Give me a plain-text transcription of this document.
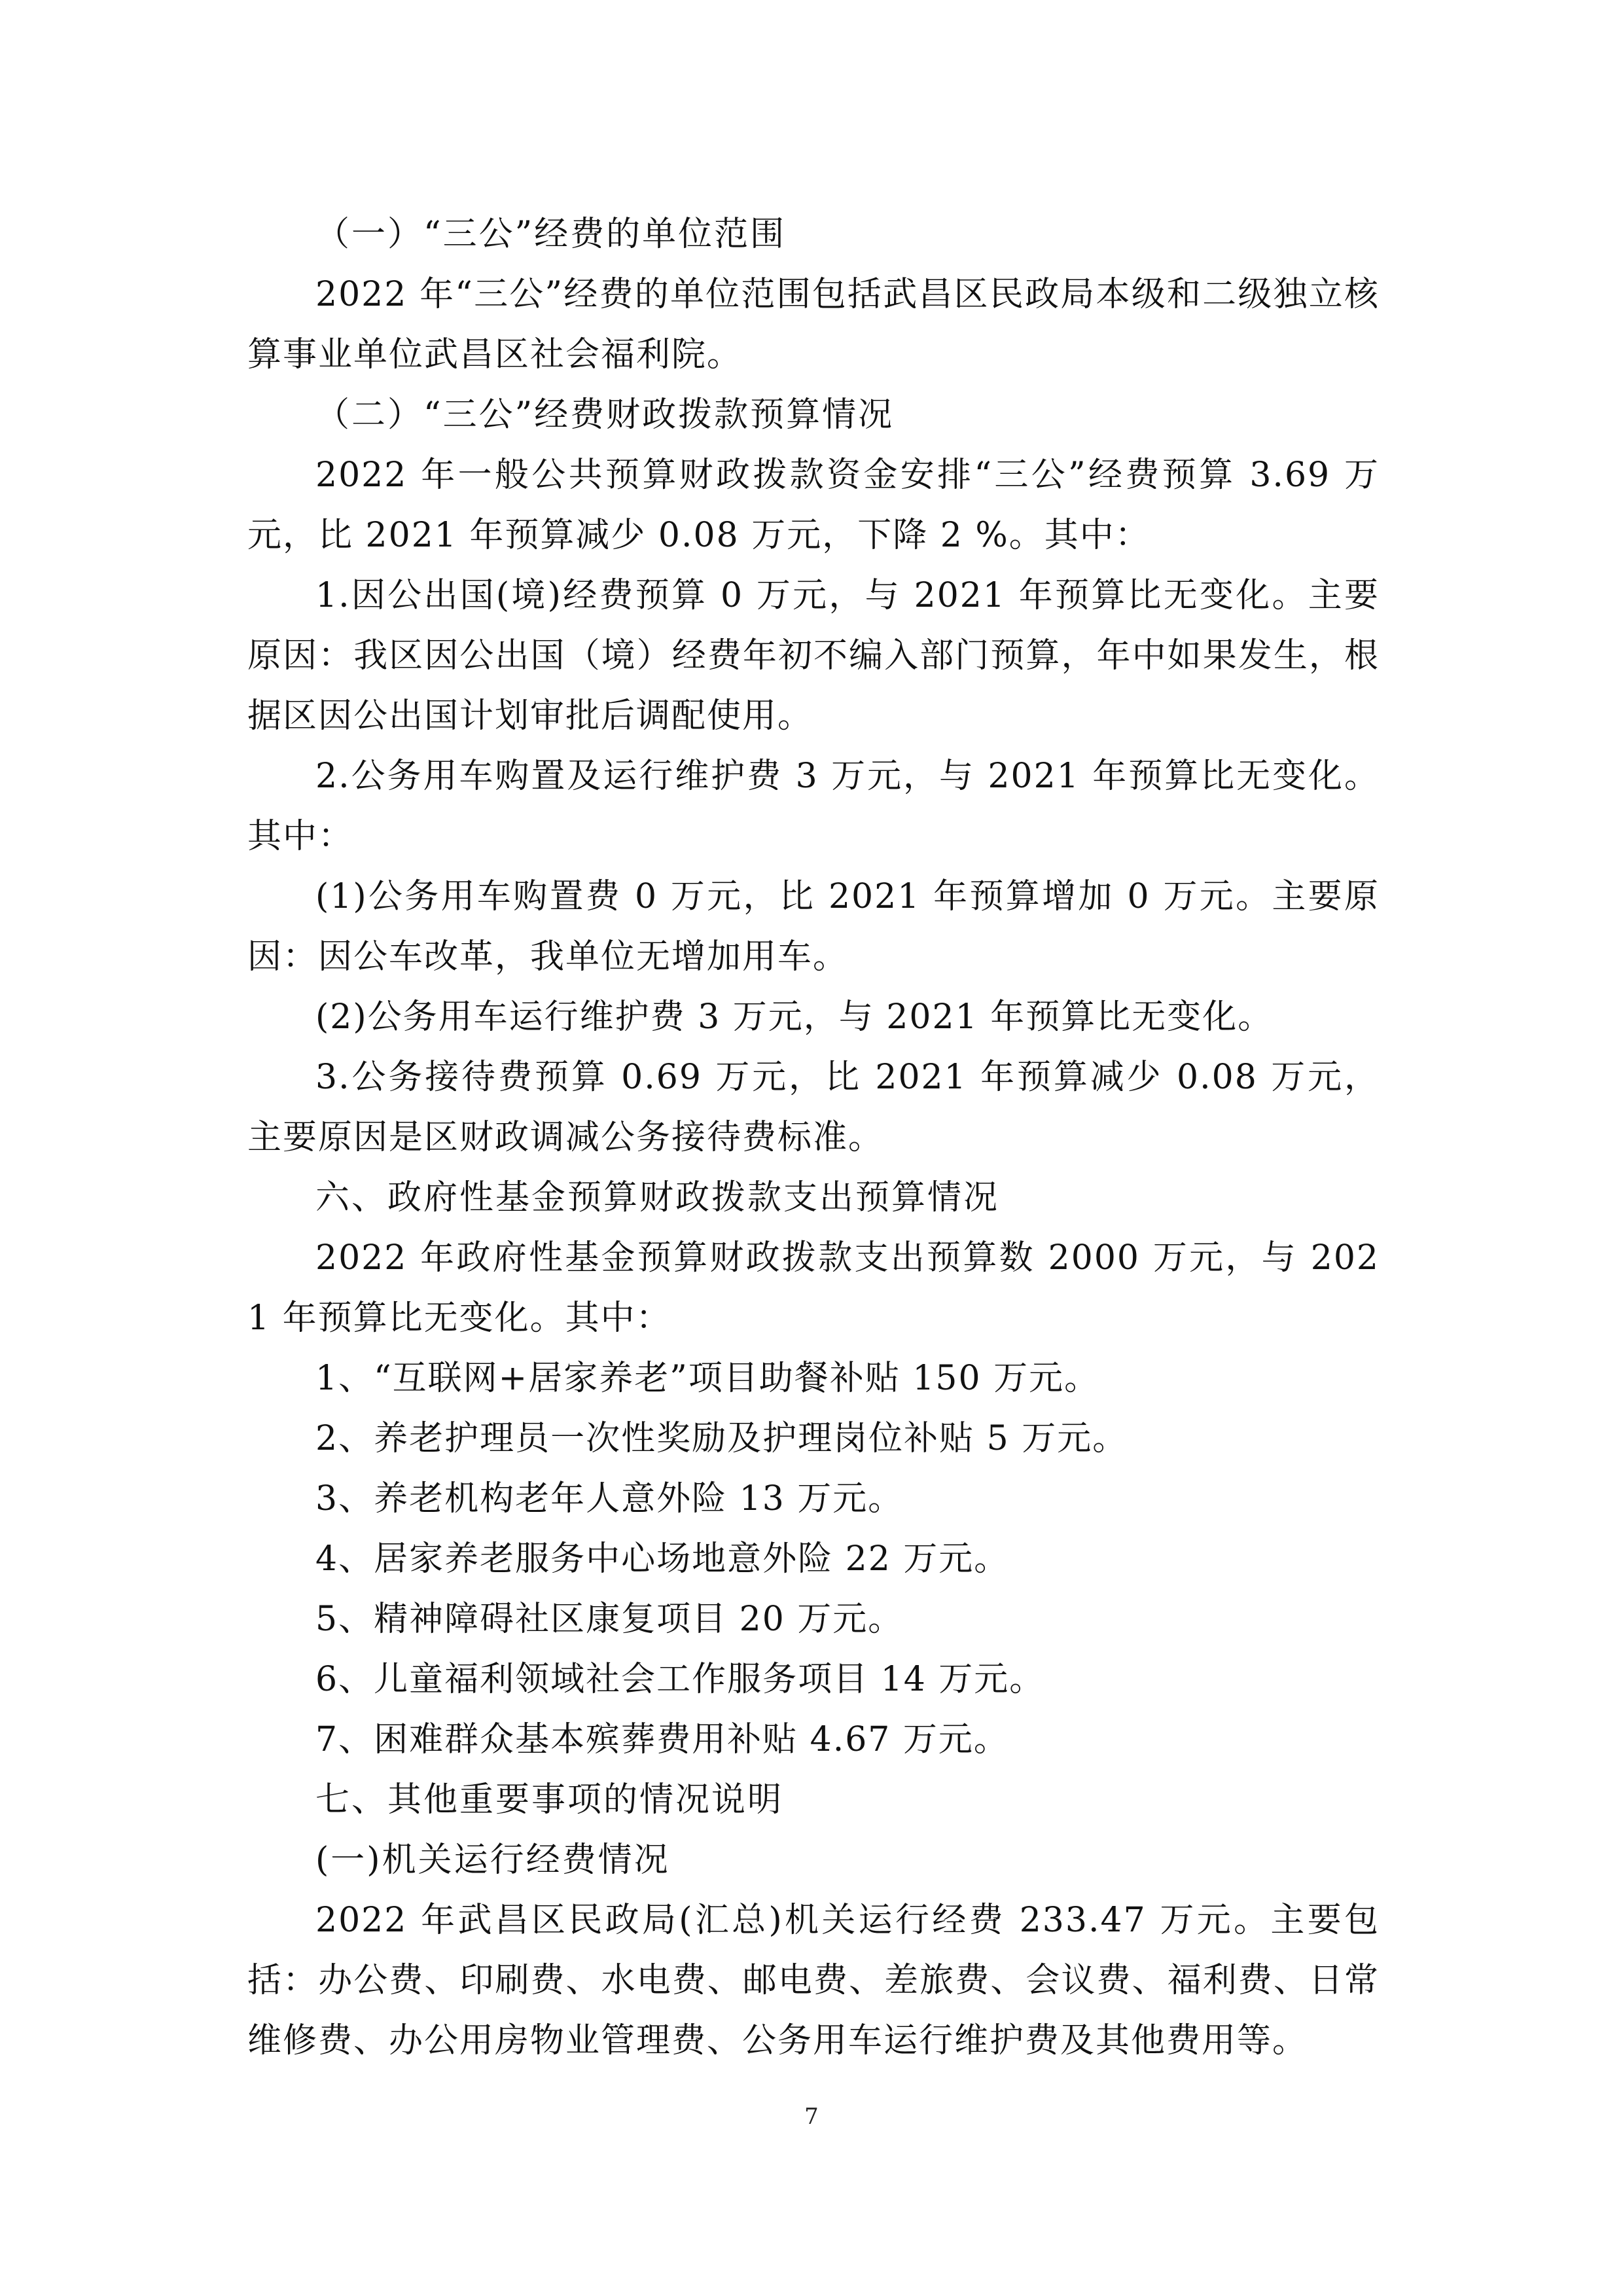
（一）“三公”经费的单位范围

2022 年“三公”经费的单位范围包括武昌区民政局本级和二级独立核算事业单位武昌区社会福利院。

（二）“三公”经费财政拨款预算情况

2022 年一般公共预算财政拨款资金安排“三公”经费预算 3.69 万元，比 2021 年预算减少 0.08 万元，下降 2 %。其中：

1.因公出国(境)经费预算 0 万元，与 2021 年预算比无变化。主要原因：我区因公出国（境）经费年初不编入部门预算，年中如果发生，根据区因公出国计划审批后调配使用。

2.公务用车购置及运行维护费 3 万元，与 2021 年预算比无变化。其中：

(1)公务用车购置费 0 万元，比 2021 年预算增加 0 万元。主要原因：因公车改革，我单位无增加用车。

(2)公务用车运行维护费 3 万元，与 2021 年预算比无变化。

3.公务接待费预算 0.69 万元，比 2021 年预算减少 0.08 万元，主要原因是区财政调减公务接待费标准。

六、政府性基金预算财政拨款支出预算情况

2022 年政府性基金预算财政拨款支出预算数 2000 万元，与 2021 年预算比无变化。其中：

1、“互联网+居家养老”项目助餐补贴 150 万元。

2、养老护理员一次性奖励及护理岗位补贴 5 万元。

3、养老机构老年人意外险 13 万元。

4、居家养老服务中心场地意外险 22 万元。

5、精神障碍社区康复项目 20 万元。

6、儿童福利领域社会工作服务项目 14 万元。

7、困难群众基本殡葬费用补贴 4.67 万元。

七、其他重要事项的情况说明

(一)机关运行经费情况

2022 年武昌区民政局(汇总)机关运行经费 233.47 万元。主要包括：办公费、印刷费、水电费、邮电费、差旅费、会议费、福利费、日常维修费、办公用房物业管理费、公务用车运行维护费及其他费用等。

7
